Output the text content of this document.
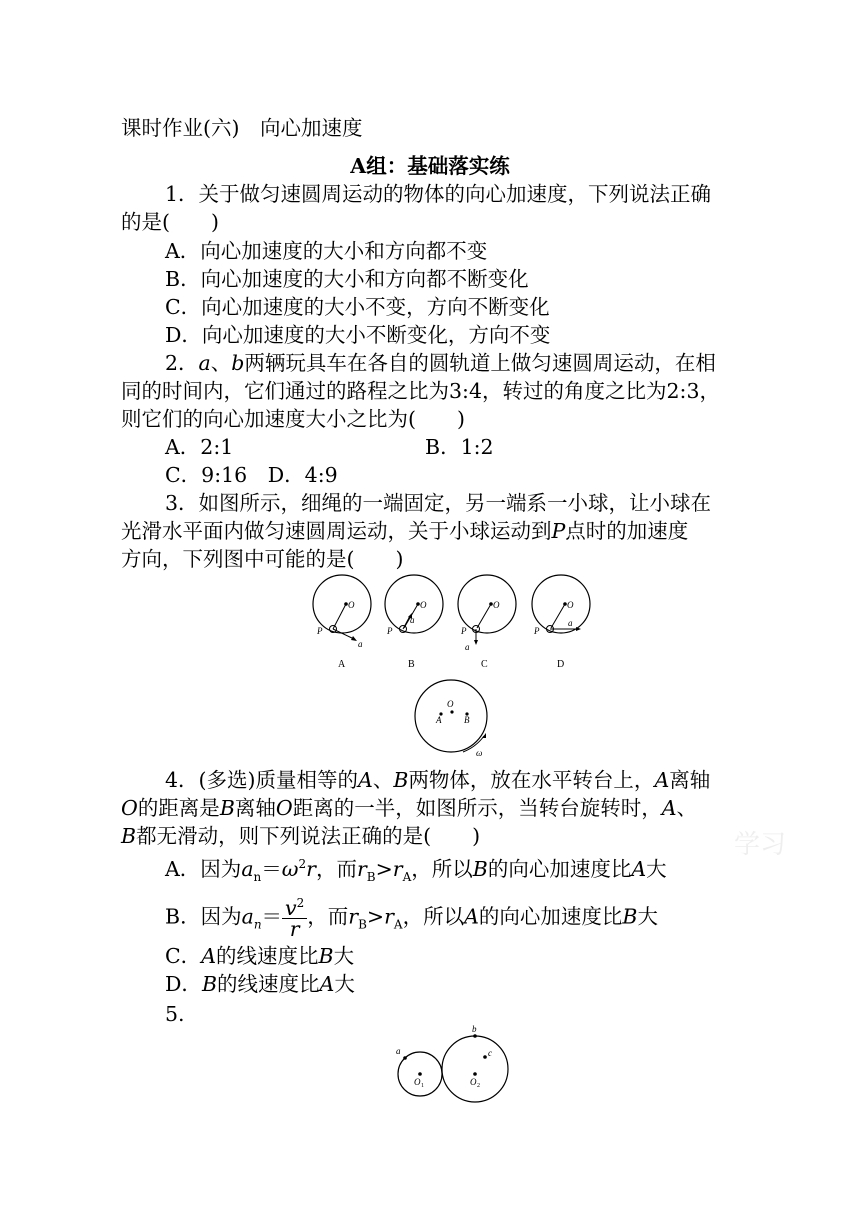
课时作业(六)　向心加速度
A组：基础落实练
1．关于做匀速圆周运动的物体的向心加速度，下列说法正确
的是(　　)
A．向心加速度的大小和方向都不变
B．向心加速度的大小和方向都不断变化
C．向心加速度的大小不变，方向不断变化
D．向心加速度的大小不断变化，方向不变
2．a、b两辆玩具车在各自的圆轨道上做匀速圆周运动，在相
同的时间内，它们通过的路程之比为3:4，转过的角度之比为2:3，
则它们的向心加速度大小之比为(　　)
A．2:1	B．1:2
C．9:16　D．4:9
3．如图所示，细绳的一端固定，另一端系一小球，让小球在
光滑水平面内做匀速圆周运动，关于小球运动到P点时的加速度
方向，下列图中可能的是(　　)
O
P
a
A
O
P
a
B
O
P
a
C
O
P
a
D
O
A	B
ω
4．(多选)质量相等的A、B两物体，放在水平转台上，A离轴
O的距离是B离轴O距离的一半，如图所示，当转台旋转时，A、
B都无滑动，则下列说法正确的是(　　)
A．因为$a_n=\omega^2r$，而$r_B>r_A$，所以B的向心加速度比A大
B．因为$a_n= \frac{v^2}{r}$ ，而$r_B>r_A$，所以A的向心加速度比B大
C．A的线速度比B大
D．B的线速度比A大
学习
5.
a
b
c
O 1	O 2
